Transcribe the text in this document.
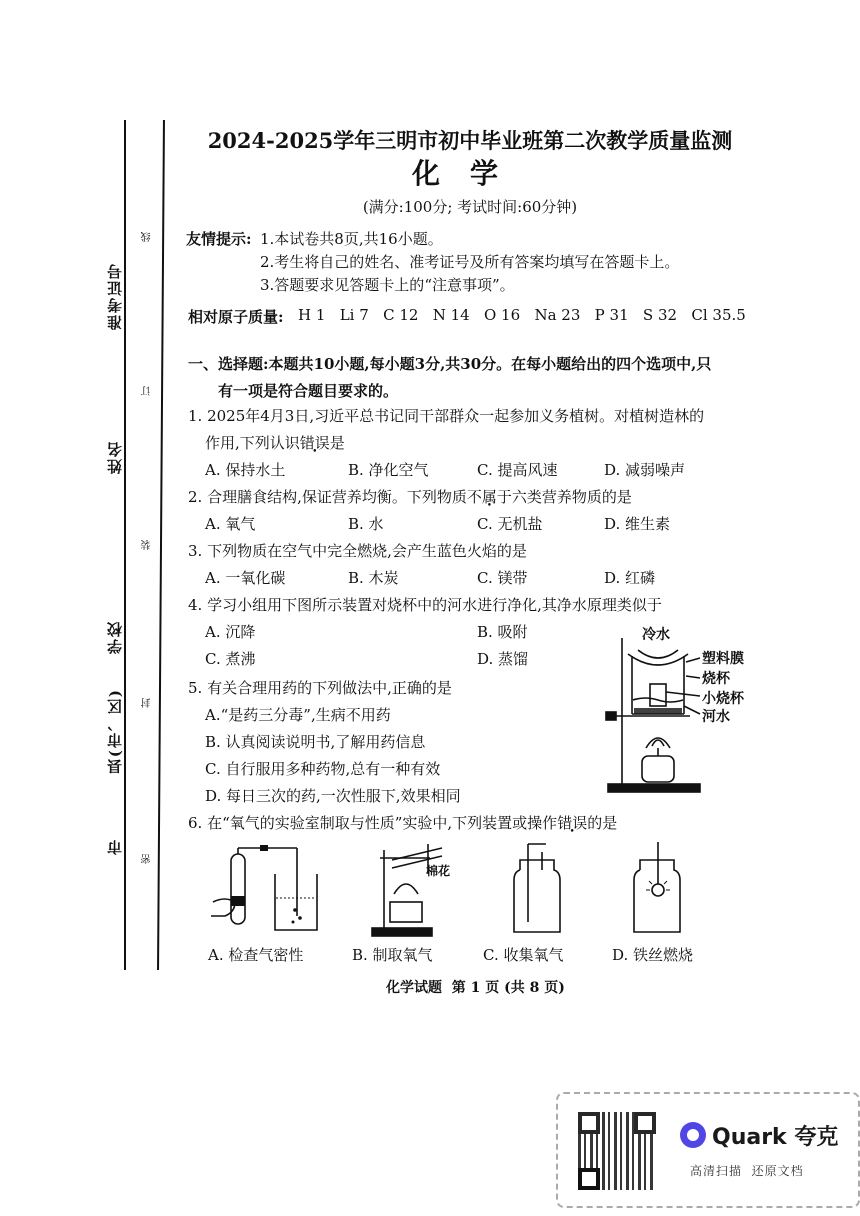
准考证号
姓名
学校
县(市、区)
市
线
订
装
封
密
2024-2025学年三明市初中毕业班第二次教学质量监测
化学
(满分:100分; 考试时间:60分钟)
友情提示: 1.本试卷共8页,共16小题。
2.考生将自己的姓名、准考证号及所有答案均填写在答题卡上。
3.答题要求见答题卡上的“注意事项”。
相对原子质量: H 1   Li 7   C 12   N 14   O 16   Na 23   P 31   S 32   Cl 35.5
一、选择题:本题共10小题,每小题3分,共30分。在每小题给出的四个选项中,只
有一项是符合题目要求的。
1. 2025年4月3日,习近平总书记同干部群众一起参加义务植树。对植树造林的
作用,下列认识错误是
A. 保持水土	B. 净化空气	C. 提高风速	D. 减弱噪声
2. 合理膳食结构,保证营养均衡。下列物质不属于六类营养物质的是
A. 氧气	B. 水	C. 无机盐	D. 维生素
3. 下列物质在空气中完全燃烧,会产生蓝色火焰的是
A. 一氧化碳	B. 木炭	C. 镁带	D. 红磷
4. 学习小组用下图所示装置对烧杯中的河水进行净化,其净水原理类似于
A. 沉降	B. 吸附
C. 煮沸	D. 蒸馏
冷水
塑料膜
烧杯
小烧杯
河水
5. 有关合理用药的下列做法中,正确的是
A.“是药三分毒”,生病不用药
B. 认真阅读说明书,了解用药信息
C. 自行服用多种药物,总有一种有效
D. 每日三次的药,一次性服下,效果相同
6. 在“氧气的实验室制取与性质”实验中,下列装置或操作错误的是
棉花
A. 检查气密性	B. 制取氧气	C. 收集氧气	D. 铁丝燃烧
化学试题  第 1 页 (共 8 页)
Quark 夸克
高清扫描  还原文档
